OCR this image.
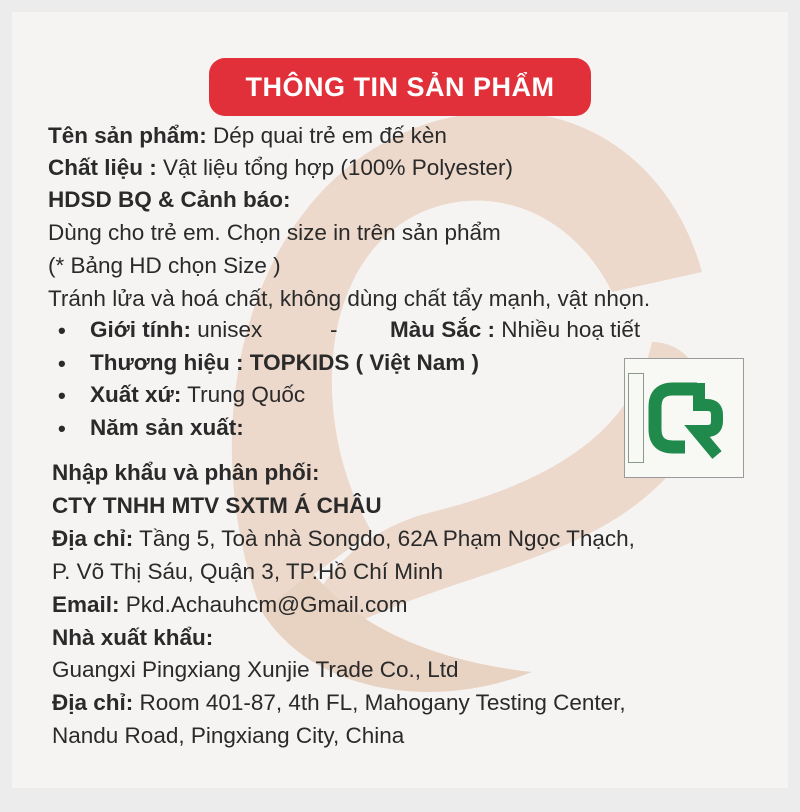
THÔNG TIN SẢN PHẨM
Tên sản phẩm: Dép quai trẻ em đế kèn
Chất liệu : Vật liệu tổng hợp (100% Polyester)
HDSD BQ & Cảnh báo:
Dùng cho trẻ em. Chọn size in trên sản phẩm
(* Bảng HD chọn Size )
Tránh lửa và hoá chất, không dùng chất tẩy mạnh, vật nhọn.
• Giới tính: unisex	- Màu Sắc : Nhiều hoạ tiết
• Thương hiệu : TOPKIDS ( Việt Nam )
• Xuất xứ: Trung Quốc
• Năm sản xuất:
Nhập khẩu và phân phối:
CTY TNHH MTV SXTM Á CHÂU
Địa chỉ: Tầng 5, Toà nhà Songdo, 62A Phạm Ngọc Thạch,
P. Võ Thị Sáu, Quận 3, TP.Hồ Chí Minh
Email: Pkd.Achauhcm@Gmail.com
Nhà xuất khẩu:
Guangxi Pingxiang Xunjie Trade Co., Ltd
Địa chỉ: Room 401-87, 4th FL, Mahogany Testing Center,
Nandu Road, Pingxiang City, China
